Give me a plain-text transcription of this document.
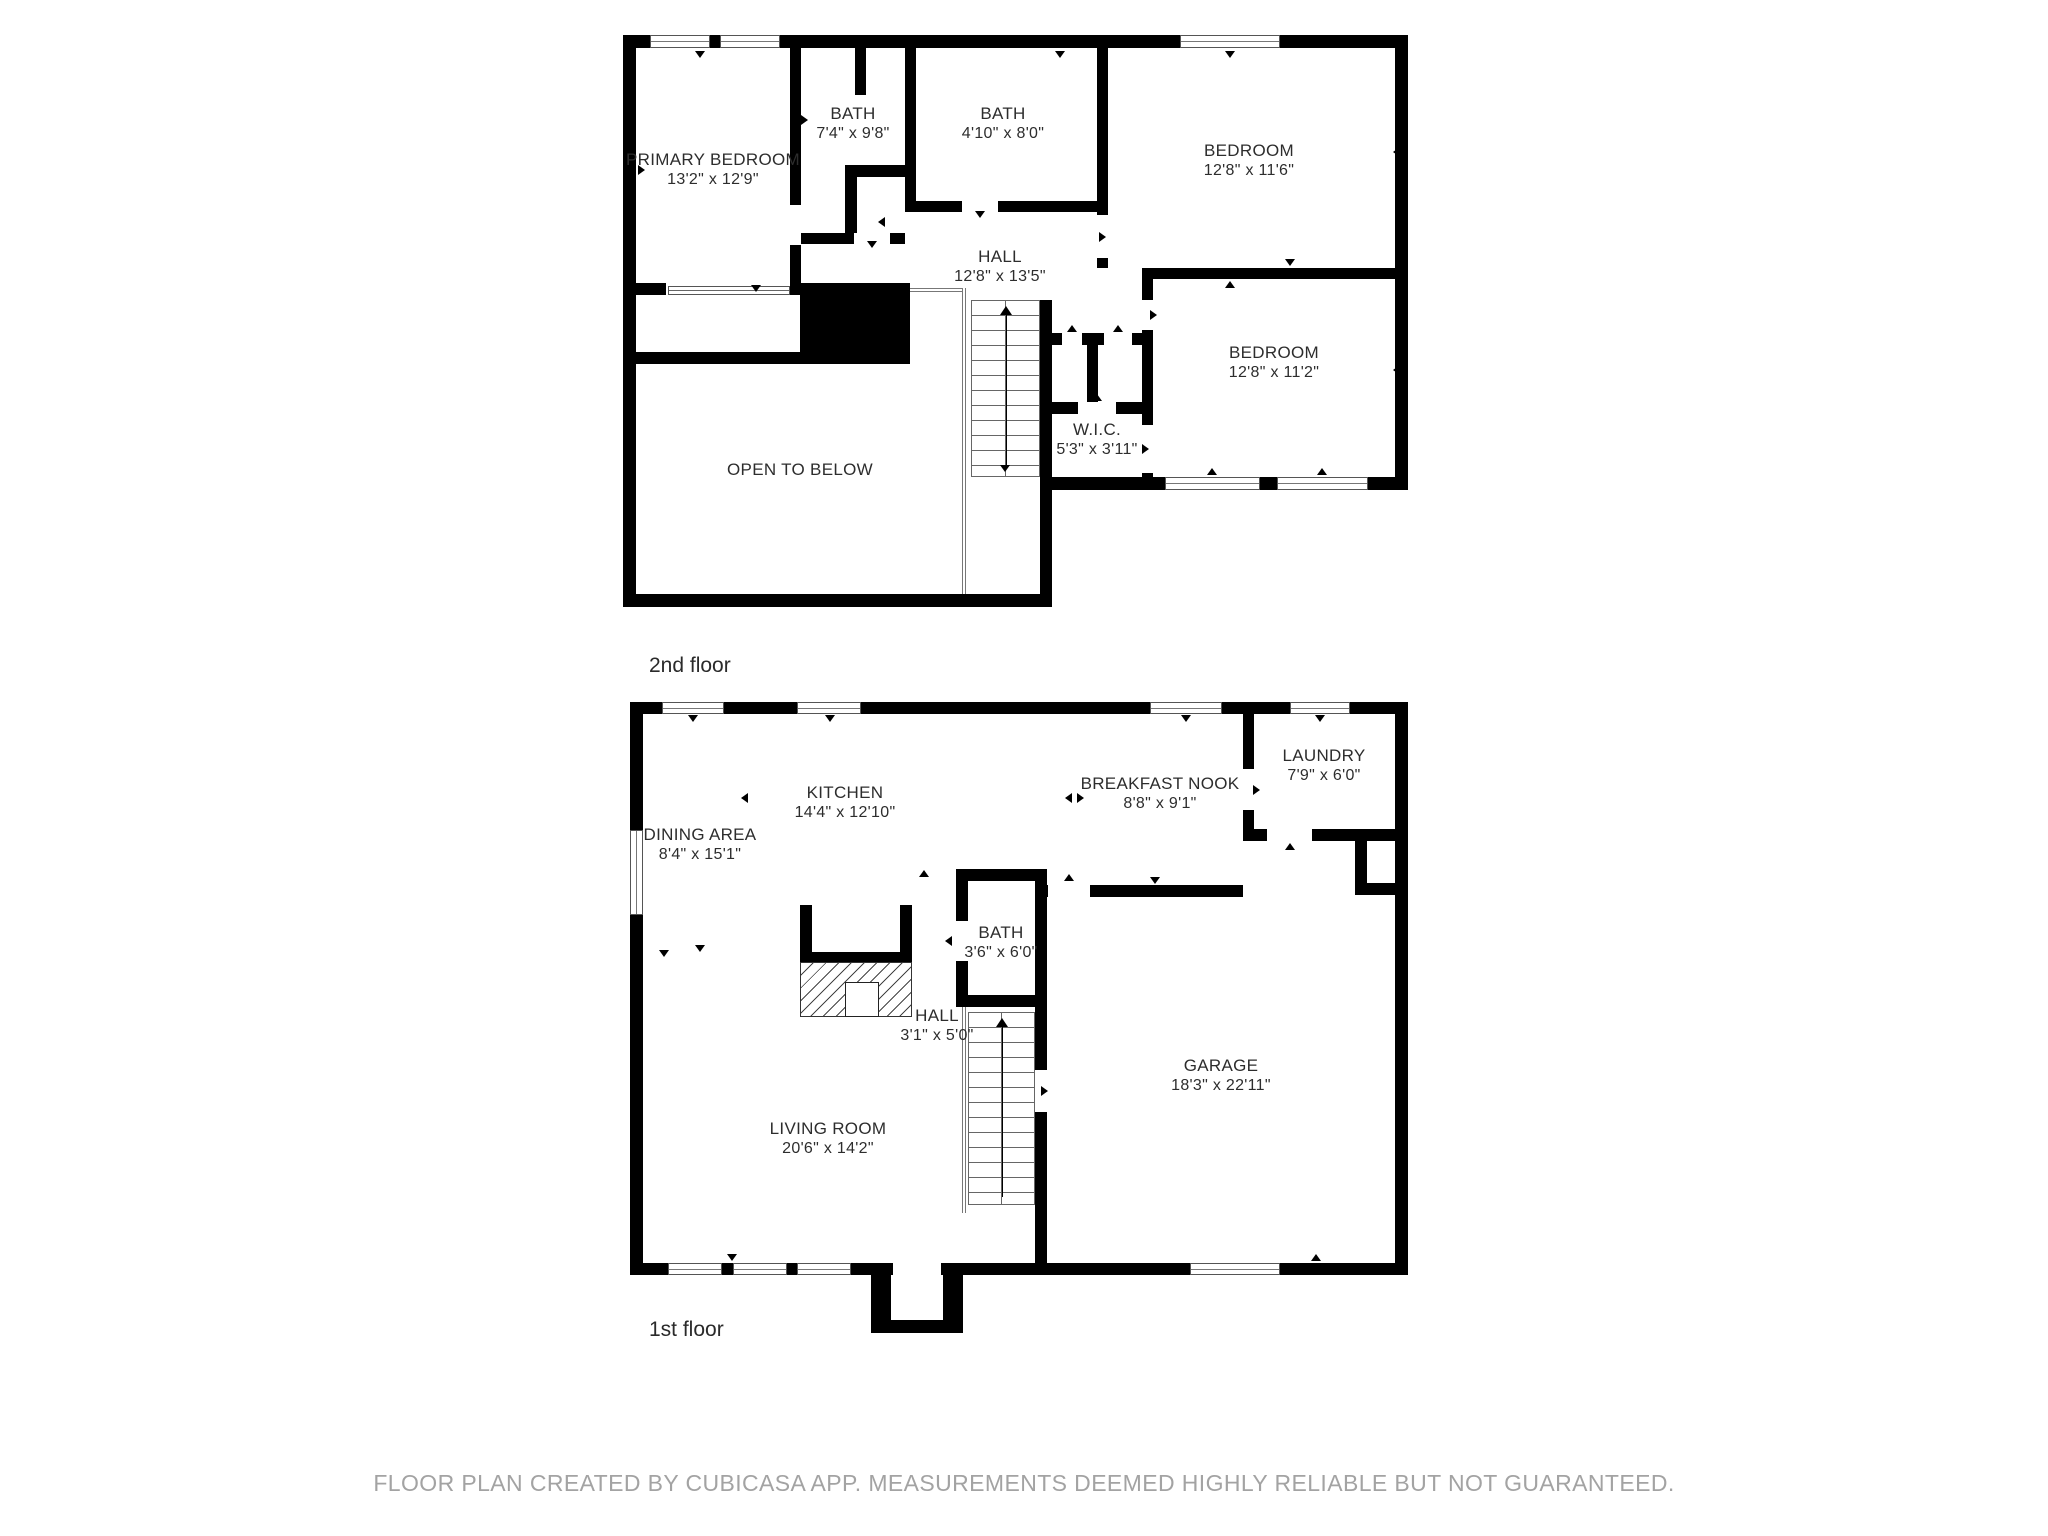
PRIMARY BEDROOM
13'2" x 12'9"
BATH
7'4" x 9'8"
BATH
4'10" x 8'0"
BEDROOM
12'8" x 11'6"
HALL
12'8" x 13'5"
BEDROOM
12'8" x 11'2"
W.I.C.
5'3" x 3'11"
OPEN TO BELOW
DINING AREA
8'4" x 15'1"
KITCHEN
14'4" x 12'10"
BREAKFAST NOOK
8'8" x 9'1"
LAUNDRY
7'9" x 6'0"
BATH
3'6" x 6'0"
HALL
3'1" x 5'0"
LIVING ROOM
20'6" x 14'2"
GARAGE
18'3" x 22'11"
2nd floor
1st floor
FLOOR PLAN CREATED BY CUBICASA APP. MEASUREMENTS DEEMED HIGHLY RELIABLE BUT NOT GUARANTEED.
